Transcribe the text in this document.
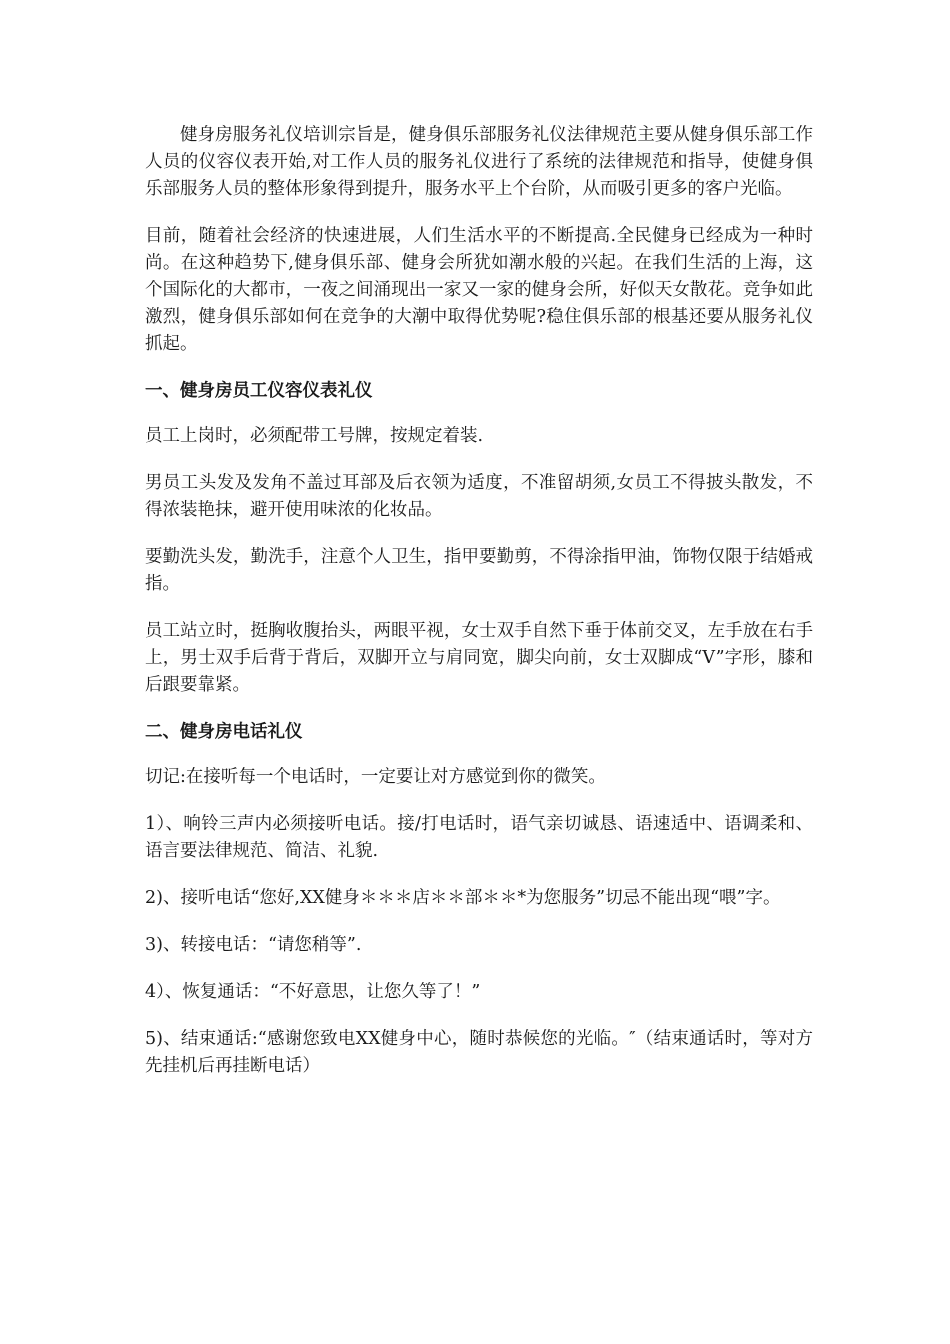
健身房服务礼仪培训宗旨是，健身俱乐部服务礼仪法律规范主要从健身俱乐部工作人员的仪容仪表开始,对工作人员的服务礼仪进行了系统的法律规范和指导，使健身俱乐部服务人员的整体形象得到提升，服务水平上个台阶，从而吸引更多的客户光临。

目前，随着社会经济的快速进展，人们生活水平的不断提高.全民健身已经成为一种时尚。在这种趋势下,健身俱乐部、健身会所犹如潮水般的兴起。在我们生活的上海，这个国际化的大都市，一夜之间涌现出一家又一家的健身会所，好似天女散花。竞争如此激烈，健身俱乐部如何在竞争的大潮中取得优势呢?稳住俱乐部的根基还要从服务礼仪抓起。

一、健身房员工仪容仪表礼仪

员工上岗时，必须配带工号牌，按规定着装.

男员工头发及发角不盖过耳部及后衣领为适度，不准留胡须,女员工不得披头散发，不得浓装艳抹，避开使用味浓的化妆品。

要勤洗头发，勤洗手，注意个人卫生，指甲要勤剪，不得涂指甲油，饰物仅限于结婚戒指。

员工站立时，挺胸收腹抬头，两眼平视，女士双手自然下垂于体前交叉，左手放在右手上，男士双手后背于背后，双脚开立与肩同宽，脚尖向前，女士双脚成“V”字形，膝和后跟要靠紧。

二、健身房电话礼仪

切记:在接听每一个电话时，一定要让对方感觉到你的微笑。

1）、响铃三声内必须接听电话。接/打电话时，语气亲切诚恳、语速适中、语调柔和、语言要法律规范、简洁、礼貌.

2)、接听电话“您好,XX健身＊＊＊店＊＊部＊＊*为您服务”切忌不能出现“喂”字。

3)、转接电话：“请您稍等”.

4）、恢复通话：“不好意思，让您久等了！”

5)、结束通话:“感谢您致电XX健身中心，随时恭候您的光临。″（结束通话时，等对方先挂机后再挂断电话）
